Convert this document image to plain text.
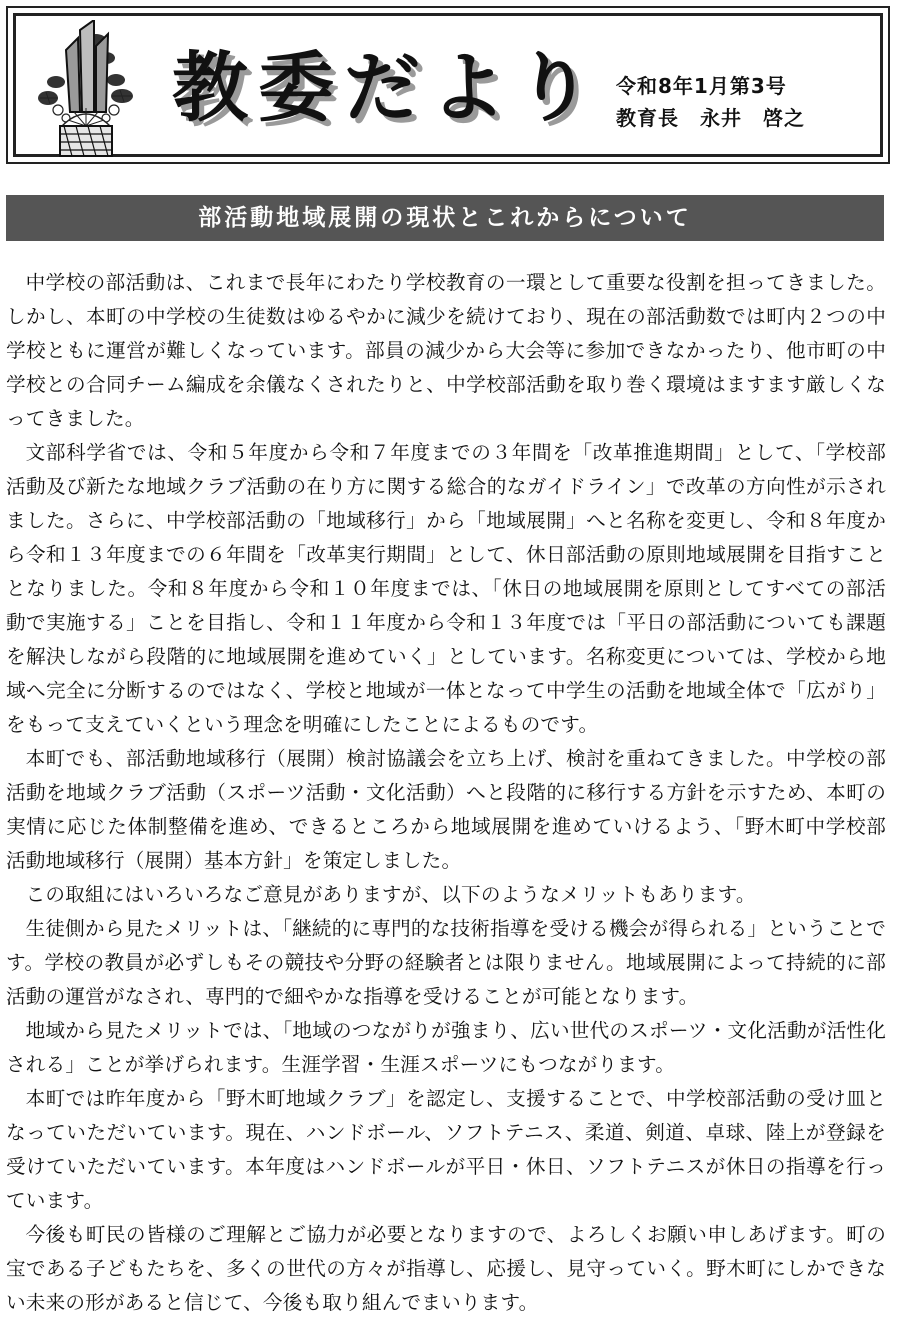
教委だより 令和8年1月第3号
教育長　永井　啓之
部活動地域展開の現状とこれからについて

中学校の部活動は、これまで長年にわたり学校教育の一環として重要な役割を担ってきました。しかし、本町の中学校の生徒数はゆるやかに減少を続けており、現在の部活動数では町内２つの中学校ともに運営が難しくなっています。部員の減少から大会等に参加できなかったり、他市町の中学校との合同チーム編成を余儀なくされたりと、中学校部活動を取り巻く環境はますます厳しくなってきました。

文部科学省では、令和５年度から令和７年度までの３年間を「改革推進期間」として、「学校部活動及び新たな地域クラブ活動の在り方に関する総合的なガイドライン」で改革の方向性が示されました。さらに、中学校部活動の「地域移行」から「地域展開」へと名称を変更し、令和８年度から令和１３年度までの６年間を「改革実行期間」として、休日部活動の原則地域展開を目指すこととなりました。令和８年度から令和１０年度までは、「休日の地域展開を原則としてすべての部活動で実施する」ことを目指し、令和１１年度から令和１３年度では「平日の部活動についても課題を解決しながら段階的に地域展開を進めていく」としています。名称変更については、学校から地域へ完全に分断するのではなく、学校と地域が一体となって中学生の活動を地域全体で「広がり」をもって支えていくという理念を明確にしたことによるものです。

本町でも、部活動地域移行（展開）検討協議会を立ち上げ、検討を重ねてきました。中学校の部活動を地域クラブ活動（スポーツ活動・文化活動）へと段階的に移行する方針を示すため、本町の実情に応じた体制整備を進め、できるところから地域展開を進めていけるよう、「野木町中学校部活動地域移行（展開）基本方針」を策定しました。

この取組にはいろいろなご意見がありますが、以下のようなメリットもあります。

生徒側から見たメリットは、「継続的に専門的な技術指導を受ける機会が得られる」ということです。学校の教員が必ずしもその競技や分野の経験者とは限りません。地域展開によって持続的に部活動の運営がなされ、専門的で細やかな指導を受けることが可能となります。

地域から見たメリットでは、「地域のつながりが強まり、広い世代のスポーツ・文化活動が活性化される」ことが挙げられます。生涯学習・生涯スポーツにもつながります。

本町では昨年度から「野木町地域クラブ」を認定し、支援することで、中学校部活動の受け皿となっていただいています。現在、ハンドボール、ソフトテニス、柔道、剣道、卓球、陸上が登録を受けていただいています。本年度はハンドボールが平日・休日、ソフトテニスが休日の指導を行っています。

今後も町民の皆様のご理解とご協力が必要となりますので、よろしくお願い申しあげます。町の宝である子どもたちを、多くの世代の方々が指導し、応援し、見守っていく。野木町にしかできない未来の形があると信じて、今後も取り組んでまいります。
